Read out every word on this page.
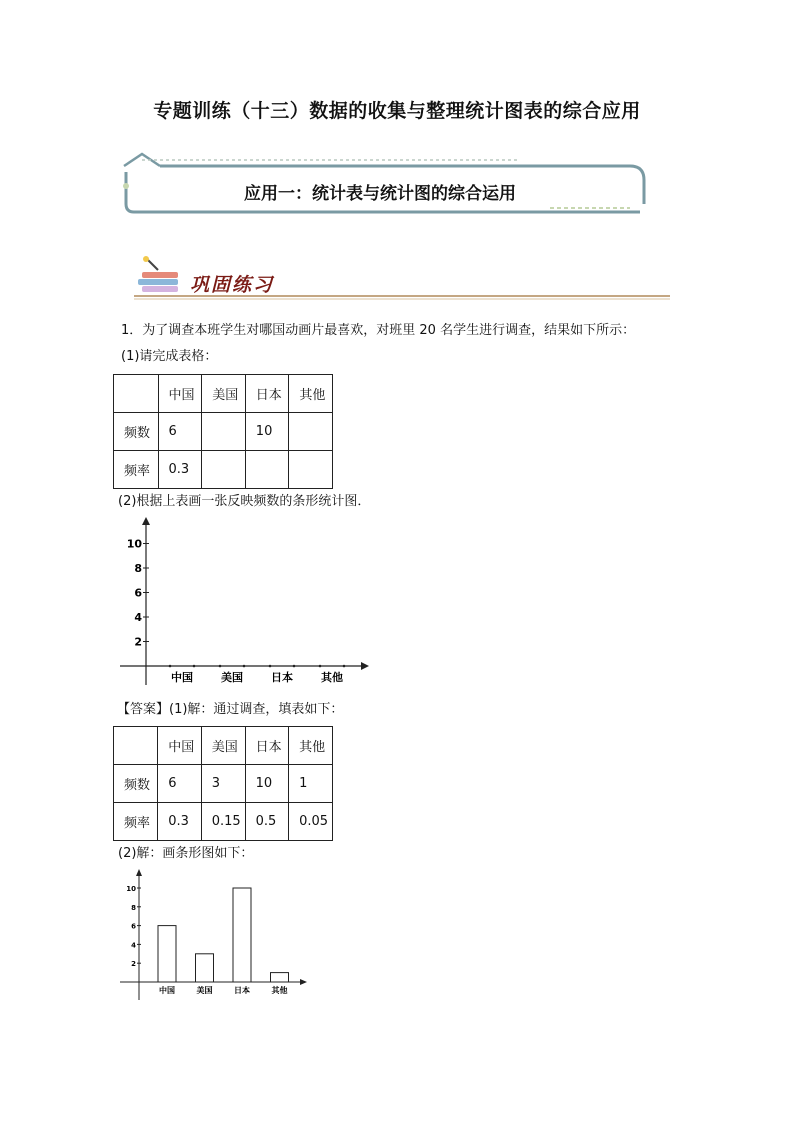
专题训练（十三）数据的收集与整理统计图表的综合应用
应用一：统计表与统计图的综合运用
巩固练习
1．为了调查本班学生对哪国动画片最喜欢，对班里 20 名学生进行调查，结果如下所示：
(1)请完成表格：
	中国	美国	日本	其他
频数	6		10	
频率	0.3			
(2)根据上表画一张反映频数的条形统计图．
2
4
6
8
10
中国	美国	日本	其他
【答案】(1)解：通过调查，填表如下：
	中国	美国	日本	其他
频数	6	3	10	1
频率	0.3	0.15	0.5	0.05
(2)解：画条形图如下：
2
4
6
8
10
中国	美国	日本	其他
